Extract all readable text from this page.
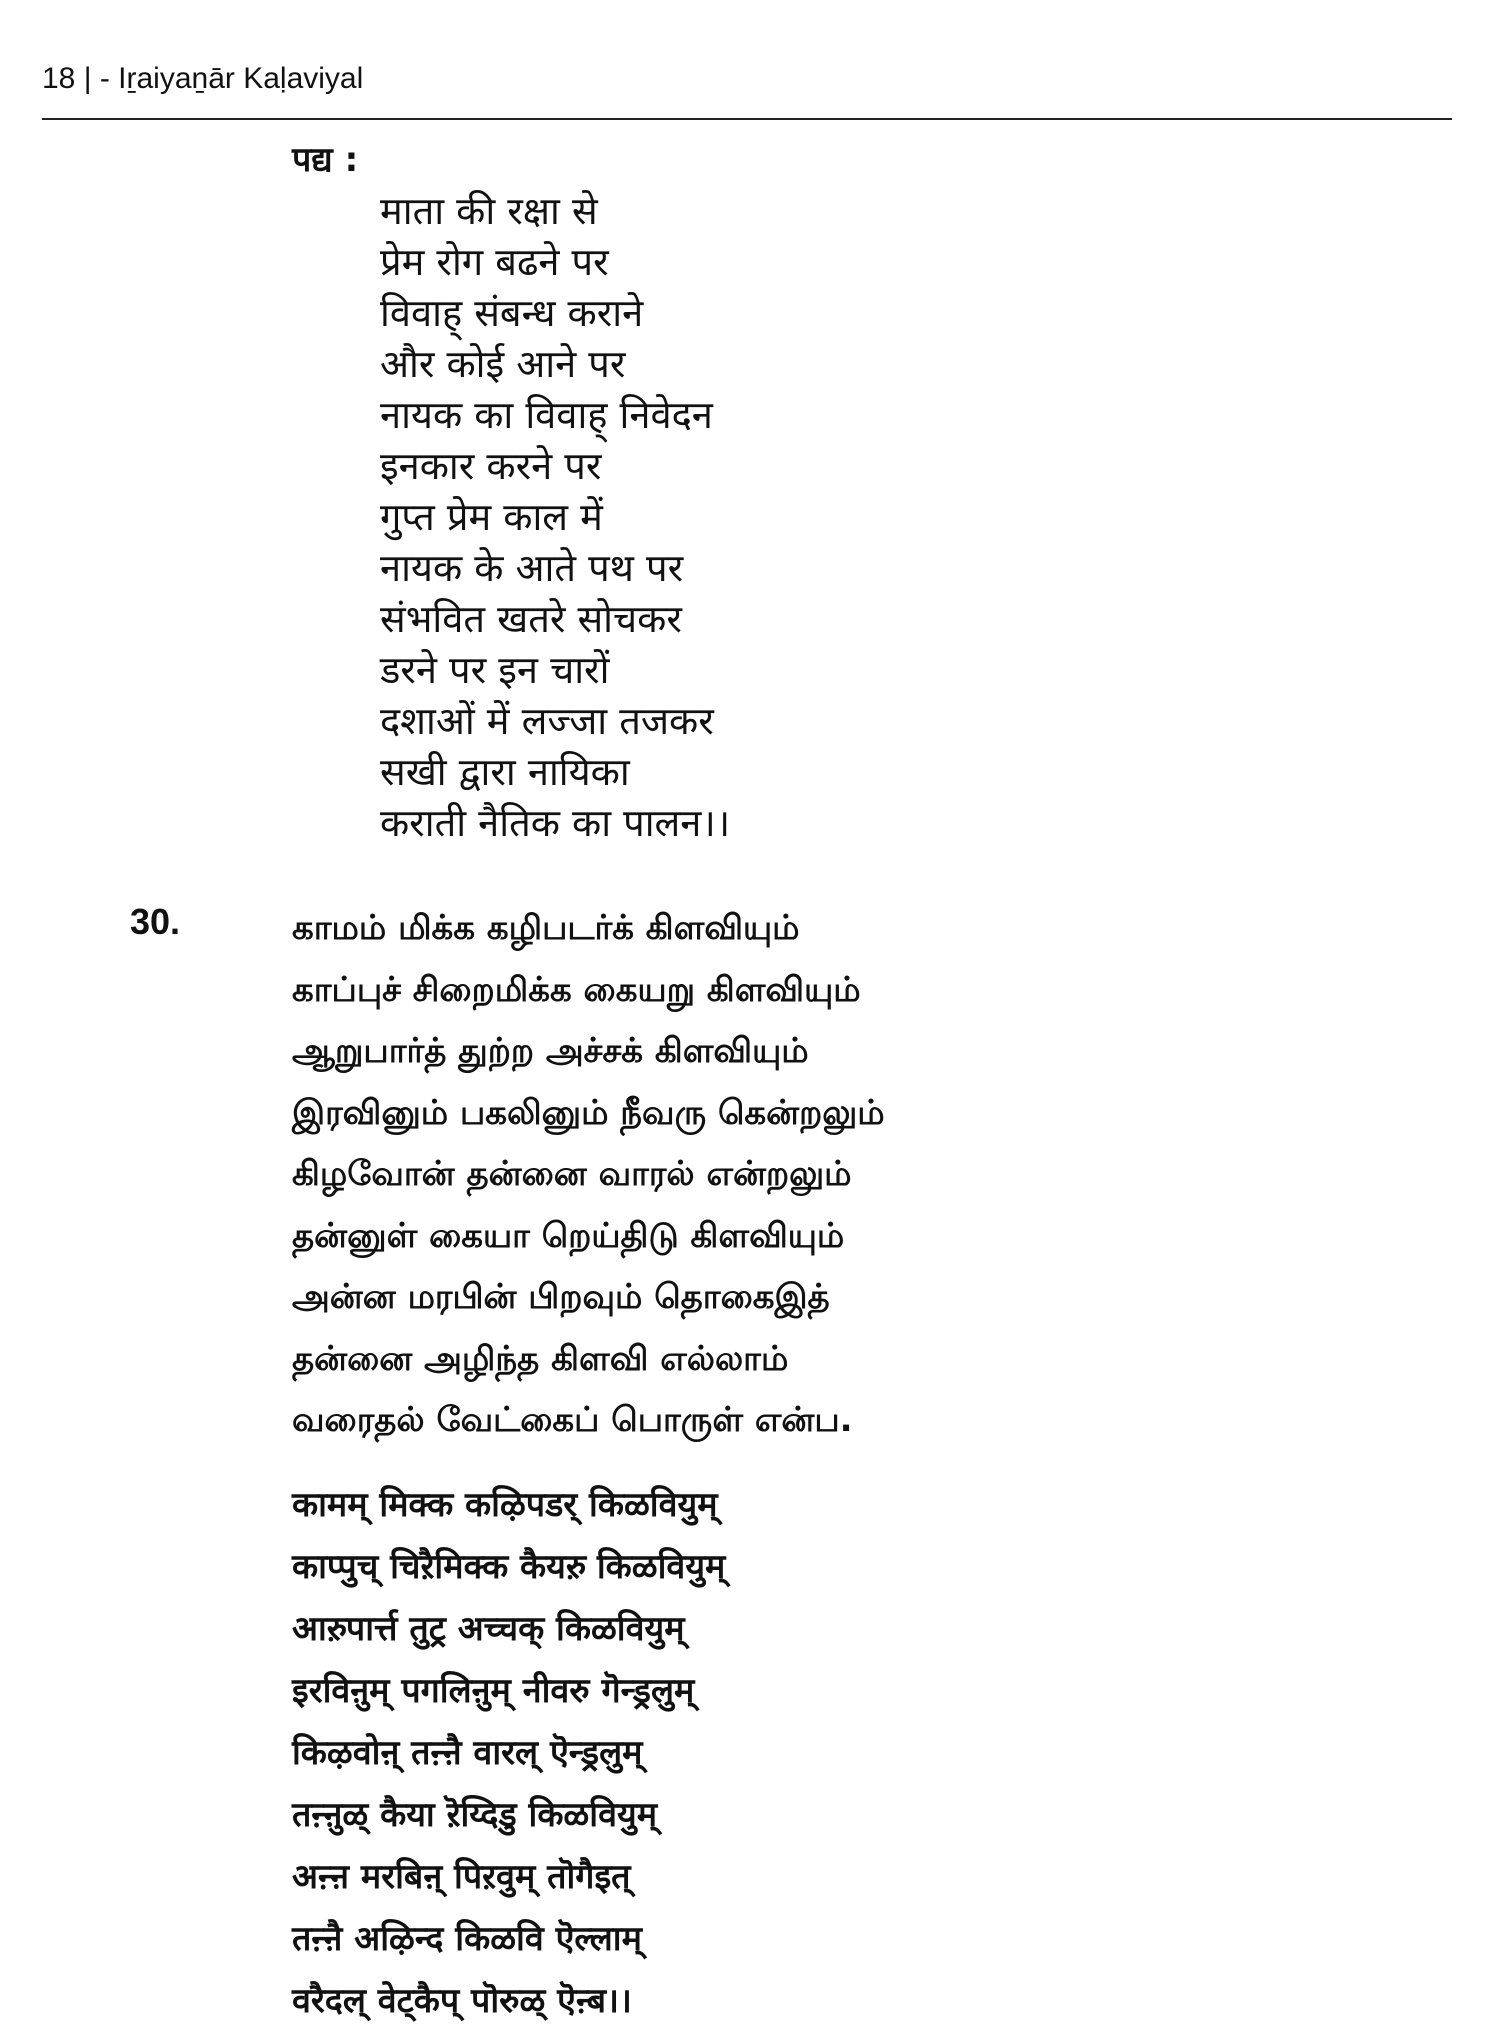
18 | - Iṟaiyaṉār Kaḷaviyal
पद्य :
माता की रक्षा से
प्रेम रोग बढने पर
विवाह् संबन्ध कराने
और कोई आने पर
नायक का विवाह् निवेदन
इनकार करने पर
गुप्त प्रेम काल में
नायक के आते पथ पर
संभवित खतरे सोचकर
डरने पर इन चारों
दशाओं में लज्जा तजकर
सखी द्वारा नायिका
कराती नैतिक का पालन।।
30.	காமம் மிக்க கழிபடர்க் கிளவியும்
காப்புச் சிறைமிக்க கையறு கிளவியும்
ஆறுபார்த் துற்ற அச்சக் கிளவியும்
இரவினும் பகலினும் நீவரு கென்றலும்
கிழவோன் தன்னை வாரல் என்றலும்
தன்னுள் கையா றெய்திடு கிளவியும்
அன்ன மரபின் பிறவும் தொகைஇத்
தன்னை அழிந்த கிளவி எல்லாம்
வரைதல் வேட்கைப் பொருள் என்ப.
कामम् मिक्क कऴिपडर् किळवियुम्
काप्पुच् चिऱैमिक्क कैयऱु किळवियुम्
आऱुपार्त्त तुट्र अच्चक् किळवियुम्
इरविऩुम् पगलिऩुम् नीवरु गॆन्ड्रलुम्
किऴवोऩ् तऩ्ऩै वारल् ऎन्ड्रलुम्
तऩ्ऩुळ् कैया ऱॆय्दिडु किळवियुम्
अऩ्ऩ मरबिऩ् पिऱवुम् तॊगैइत्
तऩ्ऩै अऴिन्द किळवि ऎल्लाम्
वरैदल् वेट्कैप् पॊरुळ् ऎऩ्ब।।
